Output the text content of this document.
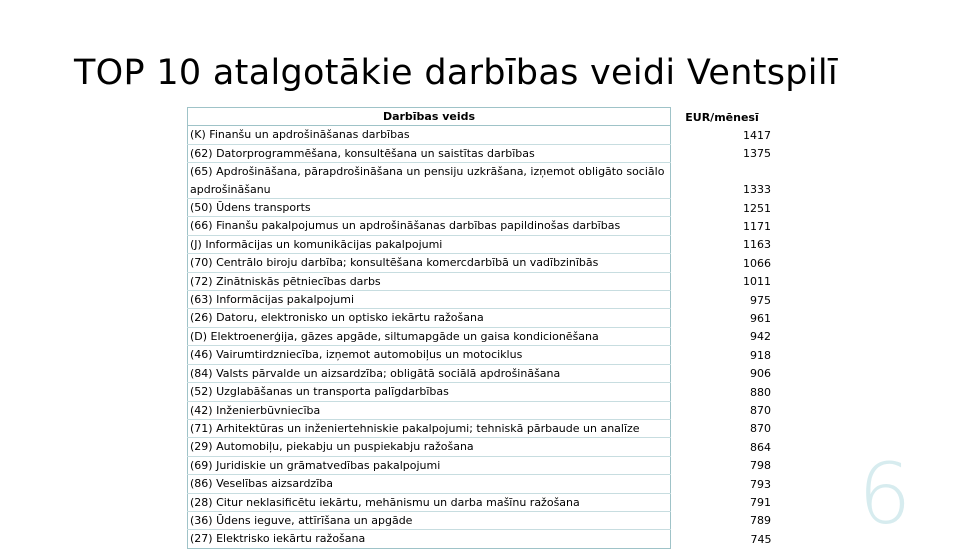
TOP 10 atalgotākie darbības veidi Ventspilī
Darbības veids	EUR/mēnesī
(K) Finanšu un apdrošināšanas darbības	1417
(62) Datorprogrammēšana, konsultēšana un saistītas darbības	1375
(65) Apdrošināšana, pārapdrošināšana un pensiju uzkrāšana, izņemot obligāto sociālo apdrošināšanu	1333
(50) Ūdens transports	1251
(66) Finanšu pakalpojumus un apdrošināšanas darbības papildinošas darbības	1171
(J) Informācijas un komunikācijas pakalpojumi	1163
(70) Centrālo biroju darbība; konsultēšana komercdarbībā un vadībzinībās	1066
(72) Zinātniskās pētniecības darbs	1011
(63) Informācijas pakalpojumi	975
(26) Datoru, elektronisko un optisko iekārtu ražošana	961
(D) Elektroenerģija, gāzes apgāde, siltumapgāde un gaisa kondicionēšana	942
(46) Vairumtirdzniecība, izņemot automobiļus un motociklus	918
(84) Valsts pārvalde un aizsardzība; obligātā sociālā apdrošināšana	906
(52) Uzglabāšanas un transporta palīgdarbības	880
(42) Inženierbūvniecība	870
(71) Arhitektūras un inženiertehniskie pakalpojumi; tehniskā pārbaude un analīze	870
(29) Automobiļu, piekabju un puspiekabju ražošana	864
(69) Juridiskie un grāmatvedības pakalpojumi	798
(86) Veselības aizsardzība	793
(28) Citur neklasificētu iekārtu, mehānismu un darba mašīnu ražošana	791
(36) Ūdens ieguve, attīrīšana un apgāde	789
(27) Elektrisko iekārtu ražošana	745 6
